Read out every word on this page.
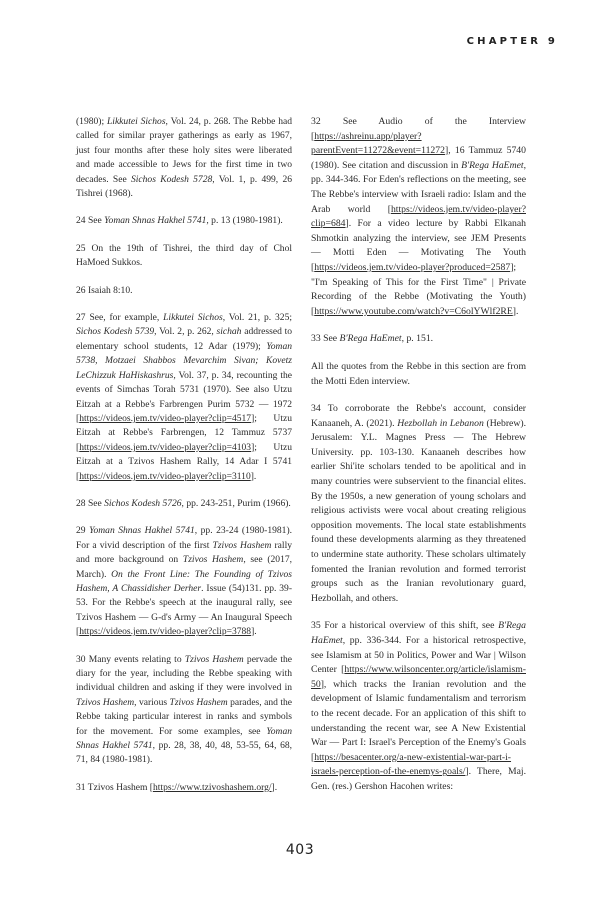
CHAPTER 9

(1980); Likkutei Sichos, Vol. 24, p. 268. The Rebbe had called for similar prayer gatherings as early as 1967, just four months after these holy sites were liberated and made accessible to Jews for the first time in two decades. See Sichos Kodesh 5728, Vol. 1, p. 499, 26 Tishrei (1968).

24 See Yoman Shnas Hakhel 5741, p. 13 (1980-1981).

25 On the 19th of Tishrei, the third day of Chol HaMoed Sukkos.

26 Isaiah 8:10.

27 See, for example, Likkutei Sichos, Vol. 21, p. 325; Sichos Kodesh 5739, Vol. 2, p. 262, sichah addressed to elementary school students, 12 Adar (1979); Yoman 5738, Motzaei Shabbos Mevarchim Sivan; Kovetz LeChizzuk HaHiskashrus, Vol. 37, p. 34, recounting the events of Simchas Torah 5731 (1970). See also Utzu Eitzah at a Rebbe's Farbrengen Purim 5732 — 1972 [https://videos.jem.tv/video-player?clip=4517]; Utzu Eitzah at Rebbe's Farbrengen, 12 Tammuz 5737 [https://videos.jem.tv/video-player?clip=4103]; Utzu Eitzah at a Tzivos Hashem Rally, 14 Adar I 5741 [https://videos.jem.tv/video-player?clip=3110].

28 See Sichos Kodesh 5726, pp. 243-251, Purim (1966).

29 Yoman Shnas Hakhel 5741, pp. 23-24 (1980-1981). For a vivid description of the first Tzivos Hashem rally and more background on Tzivos Hashem, see (2017, March). On the Front Line: The Founding of Tzivos Hashem, A Chassidisher Derher. Issue (54)131. pp. 39-53. For the Rebbe's speech at the inaugural rally, see Tzivos Hashem — G-d's Army — An Inaugural Speech [https://videos.jem.tv/video-player?clip=3788].

30 Many events relating to Tzivos Hashem pervade the diary for the year, including the Rebbe speaking with individual children and asking if they were involved in Tzivos Hashem, various Tzivos Hashem parades, and the Rebbe taking particular interest in ranks and symbols for the movement. For some examples, see Yoman Shnas Hakhel 5741, pp. 28, 38, 40, 48, 53-55, 64, 68, 71, 84 (1980-1981).

31 Tzivos Hashem [https://www.tzivoshashem.org/].

32 See Audio of the Interview [https://ashreinu.app/player?parentEvent=11272&event=11272], 16 Tammuz 5740 (1980). See citation and discussion in B'Rega HaEmet, pp. 344-346. For Eden's reflections on the meeting, see The Rebbe's interview with Israeli radio: Islam and the Arab world [https://videos.jem.tv/video-player?clip=684]. For a video lecture by Rabbi Elkanah Shmotkin analyzing the interview, see JEM Presents — Motti Eden — Motivating The Youth [https://videos.jem.tv/video-player?produced=2587]; "I'm Speaking of This for the First Time" | Private Recording of the Rebbe (Motivating the Youth) [https://www.youtube.com/watch?v=C6olYWlf2RE].

33 See B'Rega HaEmet, p. 151.

All the quotes from the Rebbe in this section are from the Motti Eden interview.

34 To corroborate the Rebbe's account, consider Kanaaneh, A. (2021). Hezbollah in Lebanon (Hebrew). Jerusalem: Y.L. Magnes Press — The Hebrew University. pp. 103-130. Kanaaneh describes how earlier Shi'ite scholars tended to be apolitical and in many countries were subservient to the financial elites. By the 1950s, a new generation of young scholars and religious activists were vocal about creating religious opposition movements. The local state establishments found these developments alarming as they threatened to undermine state authority. These scholars ultimately fomented the Iranian revolution and formed terrorist groups such as the Iranian revolutionary guard, Hezbollah, and others.

35 For a historical overview of this shift, see B'Rega HaEmet, pp. 336-344. For a historical retrospective, see Islamism at 50 in Politics, Power and War | Wilson Center [https://www.wilsoncenter.org/article/islamism-50], which tracks the Iranian revolution and the development of Islamic fundamentalism and terrorism to the recent decade. For an application of this shift to understanding the recent war, see A New Existential War — Part I: Israel's Perception of the Enemy's Goals [https://besacenter.org/a-new-existential-war-part-i-israels-perception-of-the-enemys-goals/]. There, Maj. Gen. (res.) Gershon Hacohen writes:

403
